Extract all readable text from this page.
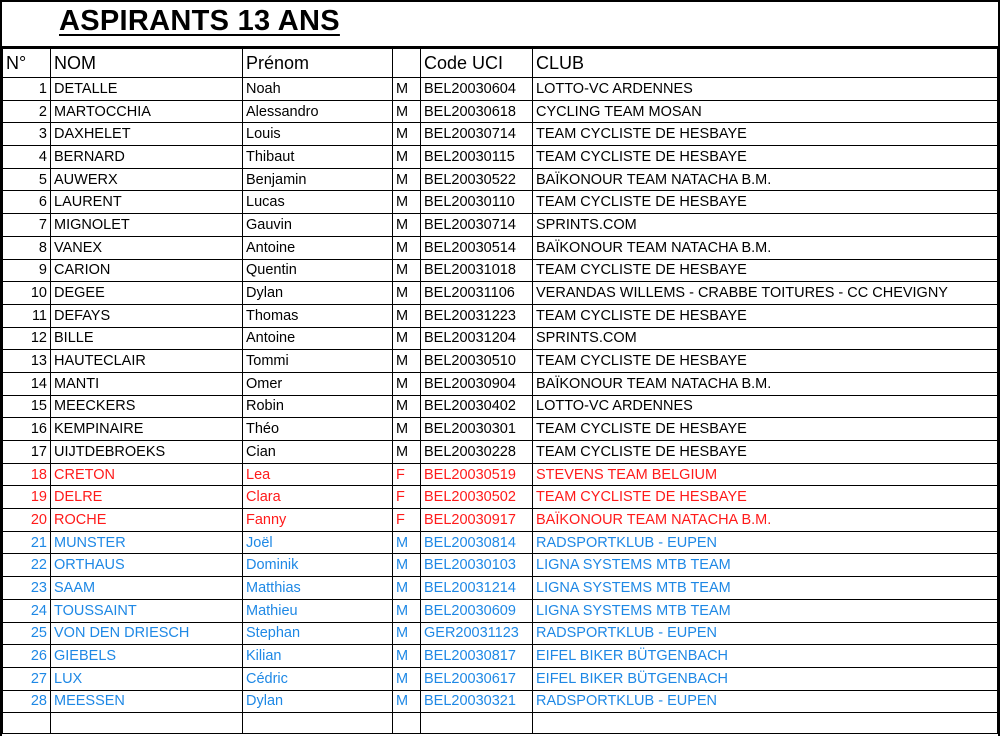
ASPIRANTS 13 ANS
N°	NOM	Prénom		Code UCI	CLUB
1	DETALLE	Noah	M	BEL20030604	LOTTO-VC ARDENNES
2	MARTOCCHIA	Alessandro	M	BEL20030618	CYCLING TEAM MOSAN
3	DAXHELET	Louis	M	BEL20030714	TEAM CYCLISTE DE HESBAYE
4	BERNARD	Thibaut	M	BEL20030115	TEAM CYCLISTE DE HESBAYE
5	AUWERX	Benjamin	M	BEL20030522	BAÏKONOUR TEAM NATACHA B.M.
6	LAURENT	Lucas	M	BEL20030110	TEAM CYCLISTE DE HESBAYE
7	MIGNOLET	Gauvin	M	BEL20030714	SPRINTS.COM
8	VANEX	Antoine	M	BEL20030514	BAÏKONOUR TEAM NATACHA B.M.
9	CARION	Quentin	M	BEL20031018	TEAM CYCLISTE DE HESBAYE
10	DEGEE	Dylan	M	BEL20031106	VERANDAS WILLEMS - CRABBE TOITURES - CC CHEVIGNY
11	DEFAYS	Thomas	M	BEL20031223	TEAM CYCLISTE DE HESBAYE
12	BILLE	Antoine	M	BEL20031204	SPRINTS.COM
13	HAUTECLAIR	Tommi	M	BEL20030510	TEAM CYCLISTE DE HESBAYE
14	MANTI	Omer	M	BEL20030904	BAÏKONOUR TEAM NATACHA B.M.
15	MEECKERS	Robin	M	BEL20030402	LOTTO-VC ARDENNES
16	KEMPINAIRE	Théo	M	BEL20030301	TEAM CYCLISTE DE HESBAYE
17	UIJTDEBROEKS	Cian	M	BEL20030228	TEAM CYCLISTE DE HESBAYE
18	CRETON	Lea	F	BEL20030519	STEVENS TEAM BELGIUM
19	DELRE	Clara	F	BEL20030502	TEAM CYCLISTE DE HESBAYE
20	ROCHE	Fanny	F	BEL20030917	BAÏKONOUR TEAM NATACHA B.M.
21	MUNSTER	Joël	M	BEL20030814	RADSPORTKLUB - EUPEN
22	ORTHAUS	Dominik	M	BEL20030103	LIGNA SYSTEMS MTB TEAM
23	SAAM	Matthias	M	BEL20031214	LIGNA SYSTEMS MTB TEAM
24	TOUSSAINT	Mathieu	M	BEL20030609	LIGNA SYSTEMS MTB TEAM
25	VON DEN DRIESCH	Stephan	M	GER20031123	RADSPORTKLUB - EUPEN
26	GIEBELS	Kilian	M	BEL20030817	EIFEL BIKER BÜTGENBACH
27	LUX	Cédric	M	BEL20030617	EIFEL BIKER BÜTGENBACH
28	MEESSEN	Dylan	M	BEL20030321	RADSPORTKLUB - EUPEN
